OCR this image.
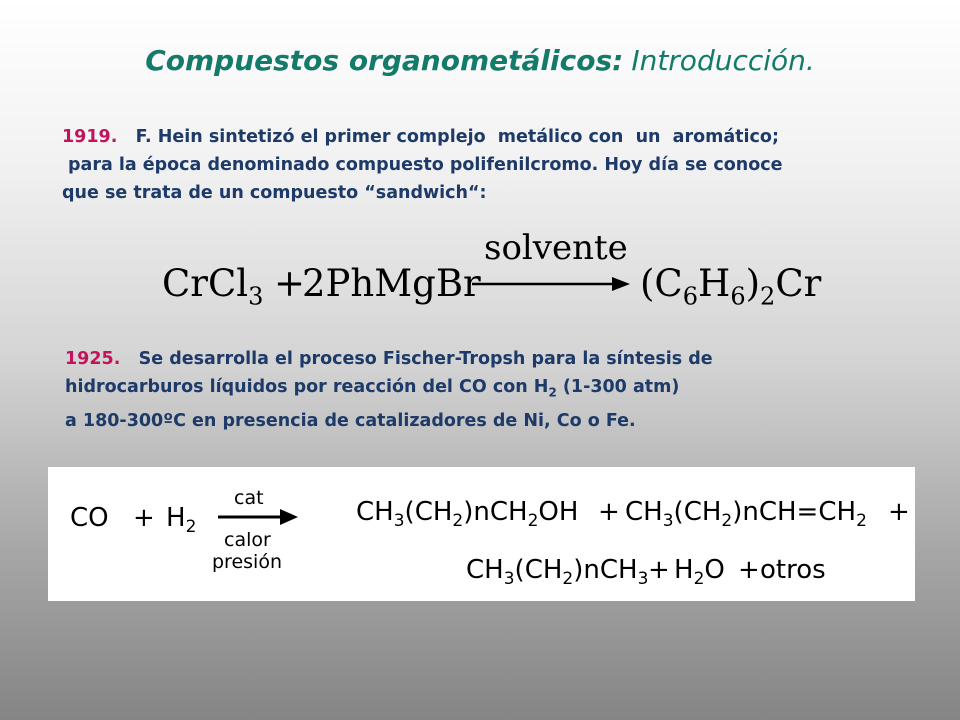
Compuestos organometálicos: Introducción.
1919.   F. Hein sintetizó el primer complejo  metálico con  un  aromático;
para la época denominado compuesto polifenilcromo. Hoy día se conoce
que se trata de un compuesto “sandwich“:
solvente
CrCl$_3$ +
2PhMgBr	$(C_6H_6)_2Cr$
1925.   Se desarrolla el proceso Fischer-Tropsh para la síntesis de
hidrocarburos líquidos por reacción del CO con $H_2$ (1-300 atm)
a 180-300ºC en presencia de catalizadores de Ni, Co o Fe.
CO + $H_2$
cat
calor
presión
$CH_3(CH_2)nCH_2OH + CH_3(CH_2)nCH=CH_2$ +
$CH_3(CH_2)nCH_3 + H_2O$ + otros
